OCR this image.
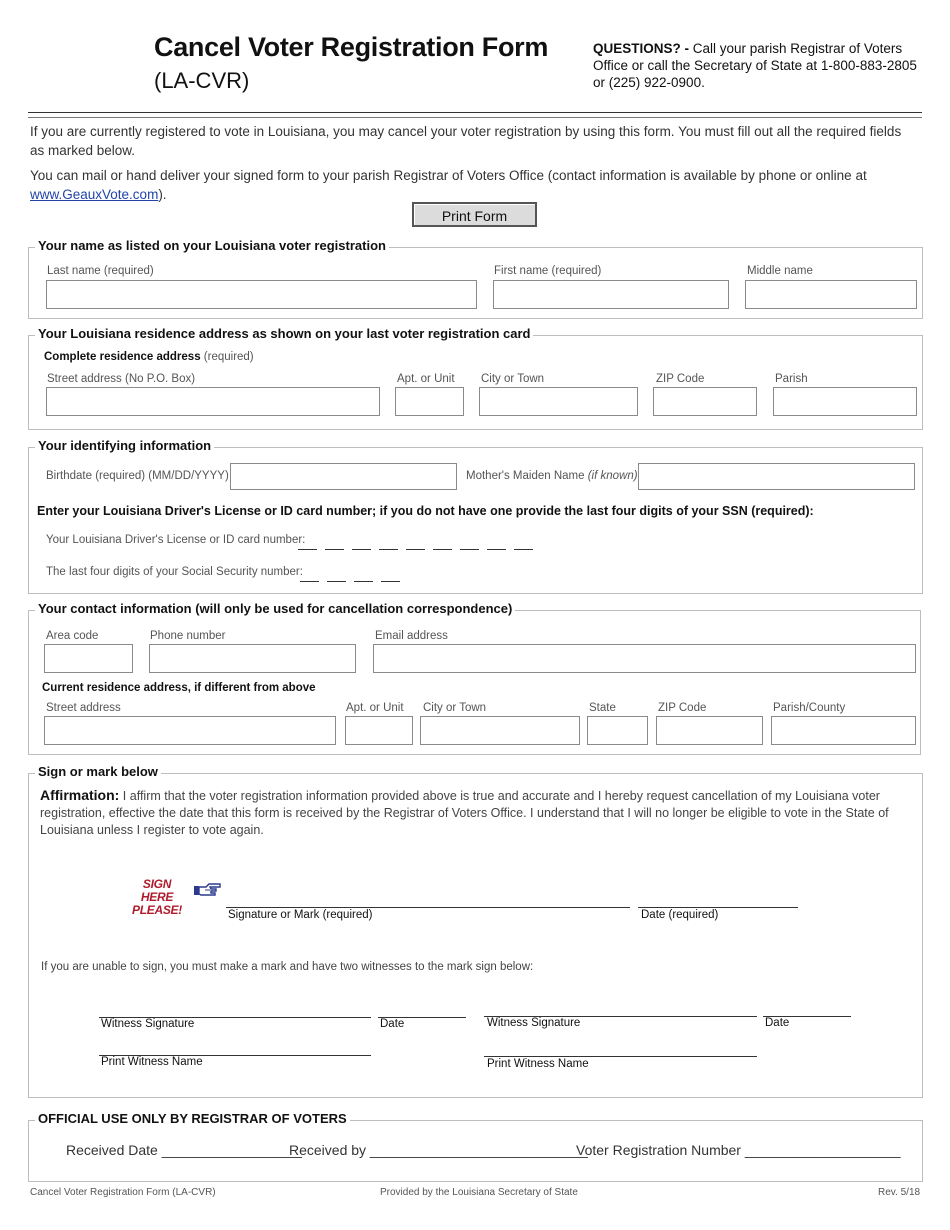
Cancel Voter Registration Form
(LA-CVR)
QUESTIONS? - Call your parish Registrar of Voters Office or call the Secretary of State at 1-800-883-2805 or (225) 922-0900.
If you are currently registered to vote in Louisiana, you may cancel your voter registration by using this form. You must fill out all the required fields as marked below.
You can mail or hand deliver your signed form to your parish Registrar of Voters Office (contact information is available by phone or online at www.GeauxVote.com).
Print Form
Your name as listed on your Louisiana voter registration
Last name (required)	First name (required)	Middle name
Your Louisiana residence address as shown on your last voter registration card
Complete residence address (required)
Street address (No P.O. Box)	Apt. or Unit City or Town	ZIP Code	Parish
Your identifying information
Birthdate (required) (MM/DD/YYYY)	Mother's Maiden Name (if known)
Enter your Louisiana Driver's License or ID card number; if you do not have one provide the last four digits of your SSN (required):
Your Louisiana Driver's License or ID card number:
The last four digits of your Social Security number:
Your contact information (will only be used for cancellation correspondence)
Area code	Phone number	Email address
Current residence address, if different from above
Street address	Apt. or Unit City or Town	State	ZIP Code	Parish/County
Sign or mark below
Affirmation: I affirm that the voter registration information provided above is true and accurate and I hereby request cancellation of my Louisiana voter registration, effective the date that this form is received by the Registrar of Voters Office. I understand that I will no longer be eligible to vote in the State of Louisiana unless I register to vote again.
SIGN HERE
PLEASE!	Signature or Mark (required)	Date (required)
If you are unable to sign, you must make a mark and have two witnesses to the mark sign below:
Witness Signature	Date
Print Witness Name
Witness Signature	Date
Print Witness Name
OFFICIAL USE ONLY BY REGISTRAR OF VOTERS
Received Date __________________
Received by ____________________________
Voter Registration Number ____________________
Cancel Voter Registration Form (LA-CVR)	Provided by the Louisiana Secretary of State	Rev. 5/18
